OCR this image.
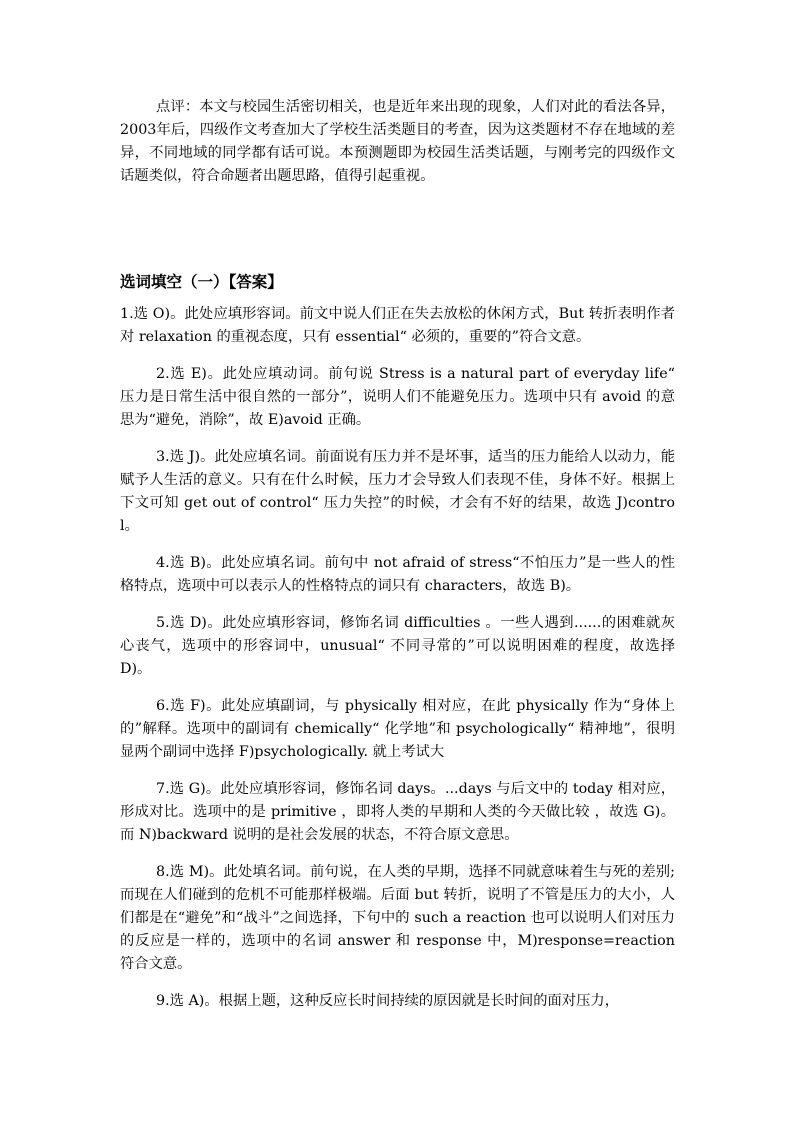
点评：本文与校园生活密切相关，也是近年来出现的现象，人们对此的看法各异，2003年后，四级作文考查加大了学校生活类题目的考查，因为这类题材不存在地域的差异，不同地域的同学都有话可说。本预测题即为校园生活类话题，与刚考完的四级作文话题类似，符合命题者出题思路，值得引起重视。

选词填空（一）【答案】

1.选 O)。此处应填形容词。前文中说人们正在失去放松的休闲方式，But 转折表明作者对 relaxation 的重视态度，只有 essential“ 必须的，重要的”符合文意。

2.选 E)。此处应填动词。前句说 Stress is a natural part of everyday life“ 压力是日常生活中很自然的一部分”，说明人们不能避免压力。选项中只有 avoid 的意思为“避免，消除”，故 E)avoid 正确。

3.选 J)。此处应填名词。前面说有压力并不是坏事，适当的压力能给人以动力，能赋予人生活的意义。只有在什么时候，压力才会导致人们表现不佳，身体不好。根据上下文可知 get out of control“ 压力失控”的时候，才会有不好的结果，故选 J)control。

4.选 B)。此处应填名词。前句中 not afraid of stress“不怕压力”是一些人的性格特点，选项中可以表示人的性格特点的词只有 characters，故选 B)。

5.选 D)。此处应填形容词，修饰名词 difficulties 。一些人遇到......的困难就灰心丧气，选项中的形容词中，unusual“ 不同寻常的”可以说明困难的程度，故选择 D)。

6.选 F)。此处应填副词，与 physically 相对应，在此 physically 作为“身体上的”解释。选项中的副词有 chemically“ 化学地”和 psychologically“ 精神地”，很明显两个副词中选择 F)psychologically. 就上考试大

7.选 G)。此处应填形容词，修饰名词 days。...days 与后文中的 today 相对应，形成对比。选项中的是 primitive ，即将人类的早期和人类的今天做比较 ，故选 G)。而 N)backward 说明的是社会发展的状态，不符合原文意思。

8.选 M)。此处填名词。前句说，在人类的早期，选择不同就意味着生与死的差别;而现在人们碰到的危机不可能那样极端。后面 but 转折，说明了不管是压力的大小，人们都是在“避免”和“战斗”之间选择，下句中的 such a reaction 也可以说明人们对压力的反应是一样的，选项中的名词 answer 和 response 中，M)response=reaction 符合文意。

9.选 A)。根据上题，这种反应长时间持续的原因就是长时间的面对压力，
